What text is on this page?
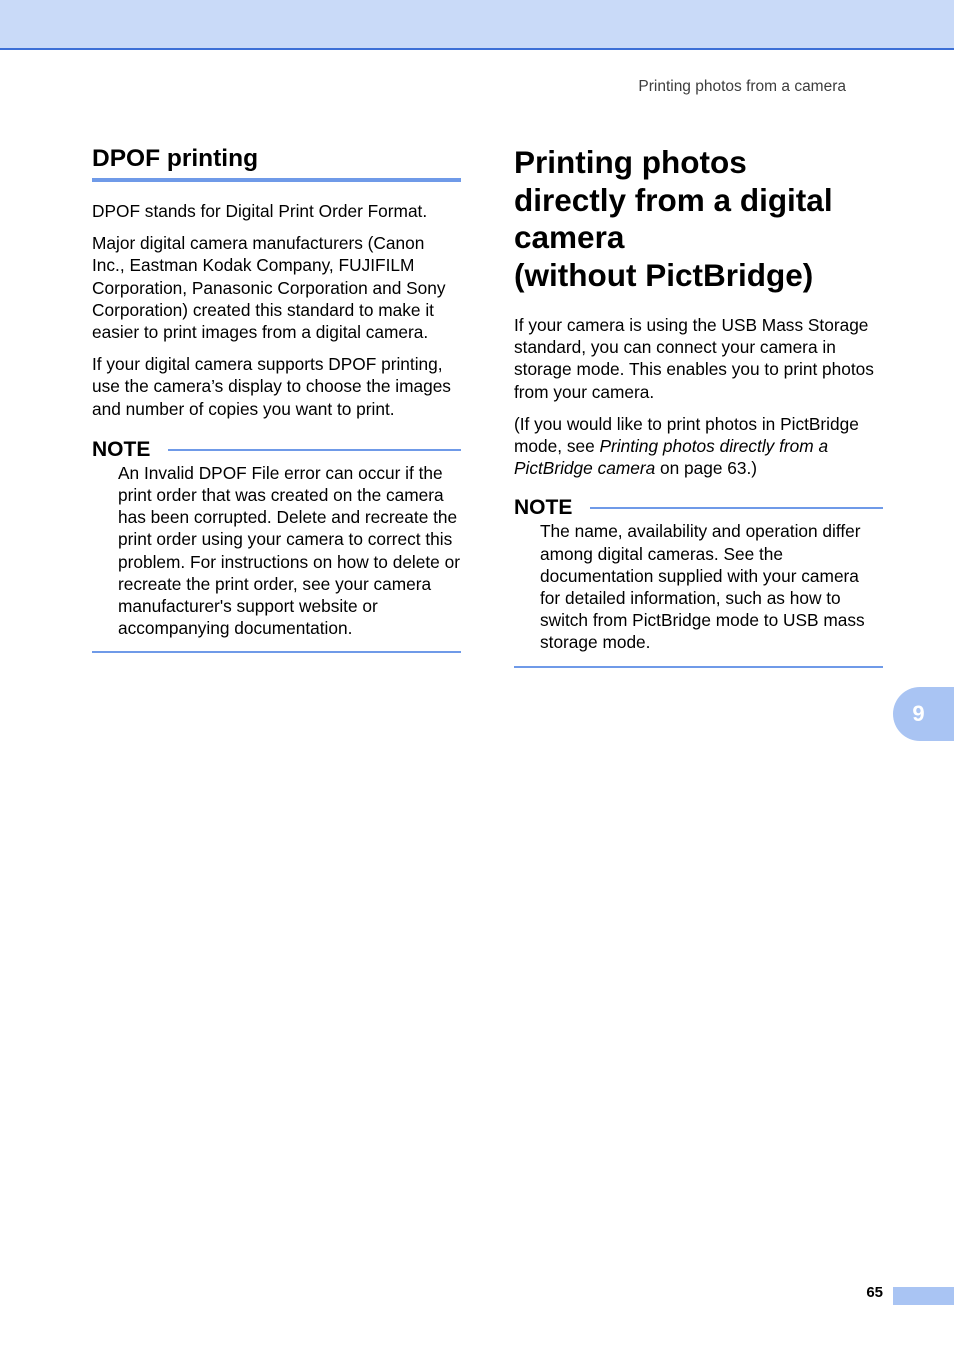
Printing photos from a camera
DPOF printing

DPOF stands for Digital Print Order Format.

Major digital camera manufacturers (Canon Inc., Eastman Kodak Company, FUJIFILM Corporation, Panasonic Corporation and Sony Corporation) created this standard to make it easier to print images from a digital camera.

If your digital camera supports DPOF printing, use the camera’s display to choose the images and number of copies you want to print.

NOTE

An Invalid DPOF File error can occur if the print order that was created on the camera has been corrupted. Delete and recreate the print order using your camera to correct this problem. For instructions on how to delete or recreate the print order, see your camera manufacturer's support website or accompanying documentation.

Printing photos
directly from a digital
camera
(without PictBridge)

If your camera is using the USB Mass Storage standard, you can connect your camera in storage mode. This enables you to print photos from your camera.

(If you would like to print photos in PictBridge mode, see Printing photos directly from a PictBridge camera on page 63.)

NOTE

The name, availability and operation differ among digital cameras. See the documentation supplied with your camera for detailed information, such as how to switch from PictBridge mode to USB mass storage mode.

9
65
